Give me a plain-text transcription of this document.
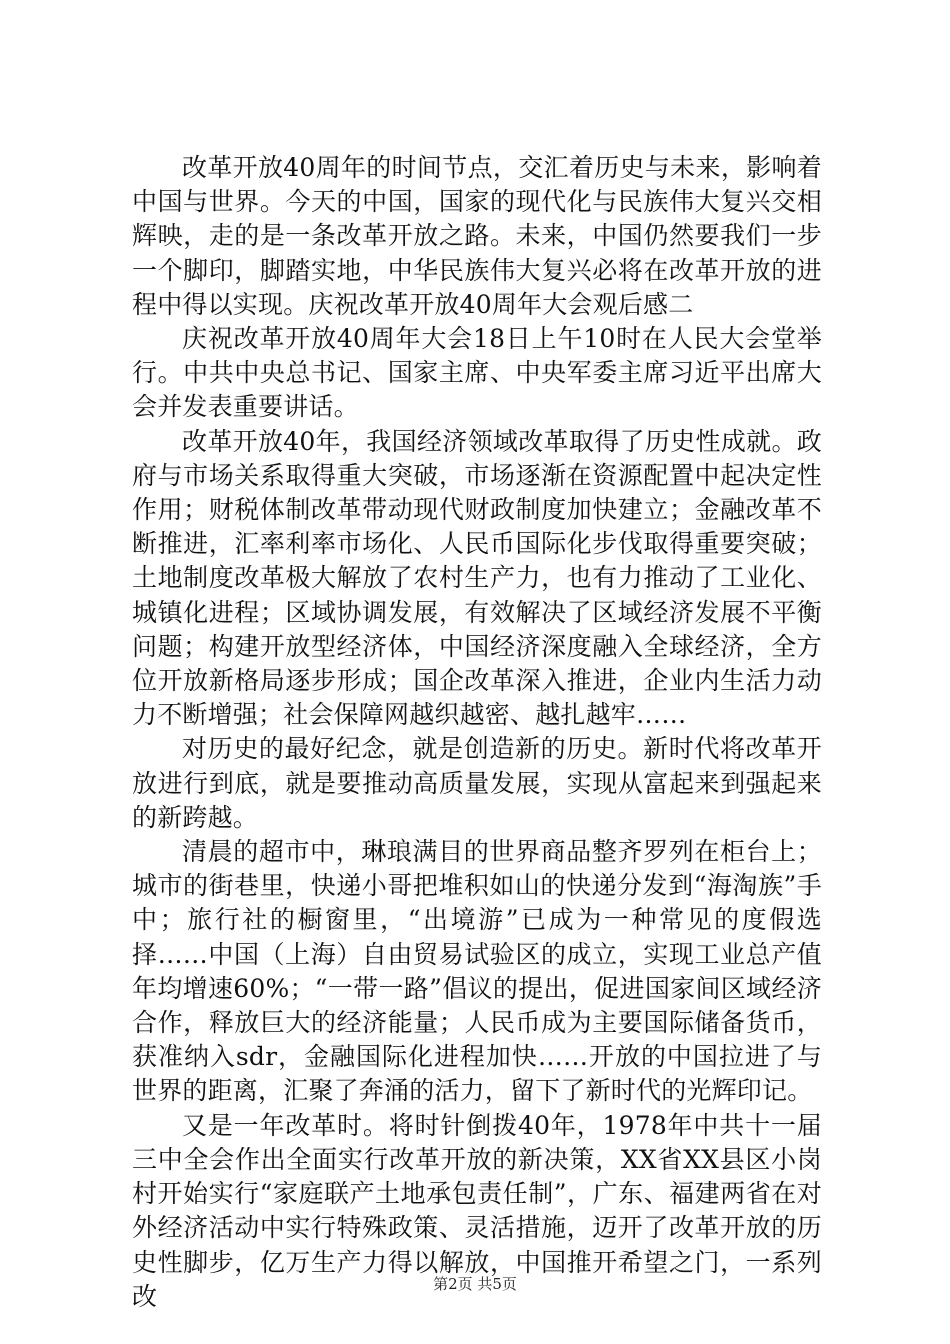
改革开放40周年的时间节点，交汇着历史与未来，影响着中国与世界。今天的中国，国家的现代化与民族伟大复兴交相辉映，走的是一条改革开放之路。未来，中国仍然要我们一步一个脚印，脚踏实地，中华民族伟大复兴必将在改革开放的进程中得以实现。庆祝改革开放40周年大会观后感二

庆祝改革开放40周年大会18日上午10时在人民大会堂举行。中共中央总书记、国家主席、中央军委主席习近平出席大会并发表重要讲话。

改革开放40年，我国经济领域改革取得了历史性成就。政府与市场关系取得重大突破，市场逐渐在资源配置中起决定性作用；财税体制改革带动现代财政制度加快建立；金融改革不断推进，汇率利率市场化、人民币国际化步伐取得重要突破；土地制度改革极大解放了农村生产力，也有力推动了工业化、城镇化进程；区域协调发展，有效解决了区域经济发展不平衡问题；构建开放型经济体，中国经济深度融入全球经济，全方位开放新格局逐步形成；国企改革深入推进，企业内生活力动力不断增强；社会保障网越织越密、越扎越牢……

对历史的最好纪念，就是创造新的历史。新时代将改革开放进行到底，就是要推动高质量发展，实现从富起来到强起来的新跨越。

清晨的超市中，琳琅满目的世界商品整齐罗列在柜台上；城市的街巷里，快递小哥把堆积如山的快递分发到“海淘族”手中；旅行社的橱窗里，“出境游”已成为一种常见的度假选择……中国（上海）自由贸易试验区的成立，实现工业总产值年均增速60%；“一带一路”倡议的提出，促进国家间区域经济合作，释放巨大的经济能量；人民币成为主要国际储备货币，获准纳入sdr，金融国际化进程加快……开放的中国拉进了与世界的距离，汇聚了奔涌的活力，留下了新时代的光辉印记。

又是一年改革时。将时针倒拨40年，1978年中共十一届三中全会作出全面实行改革开放的新决策，XX省XX县区小岗村开始实行“家庭联产土地承包责任制”，广东、福建两省在对外经济活动中实行特殊政策、灵活措施，迈开了改革开放的历史性脚步，亿万生产力得以解放，中国推开希望之门，一系列改	第2页 共5页
